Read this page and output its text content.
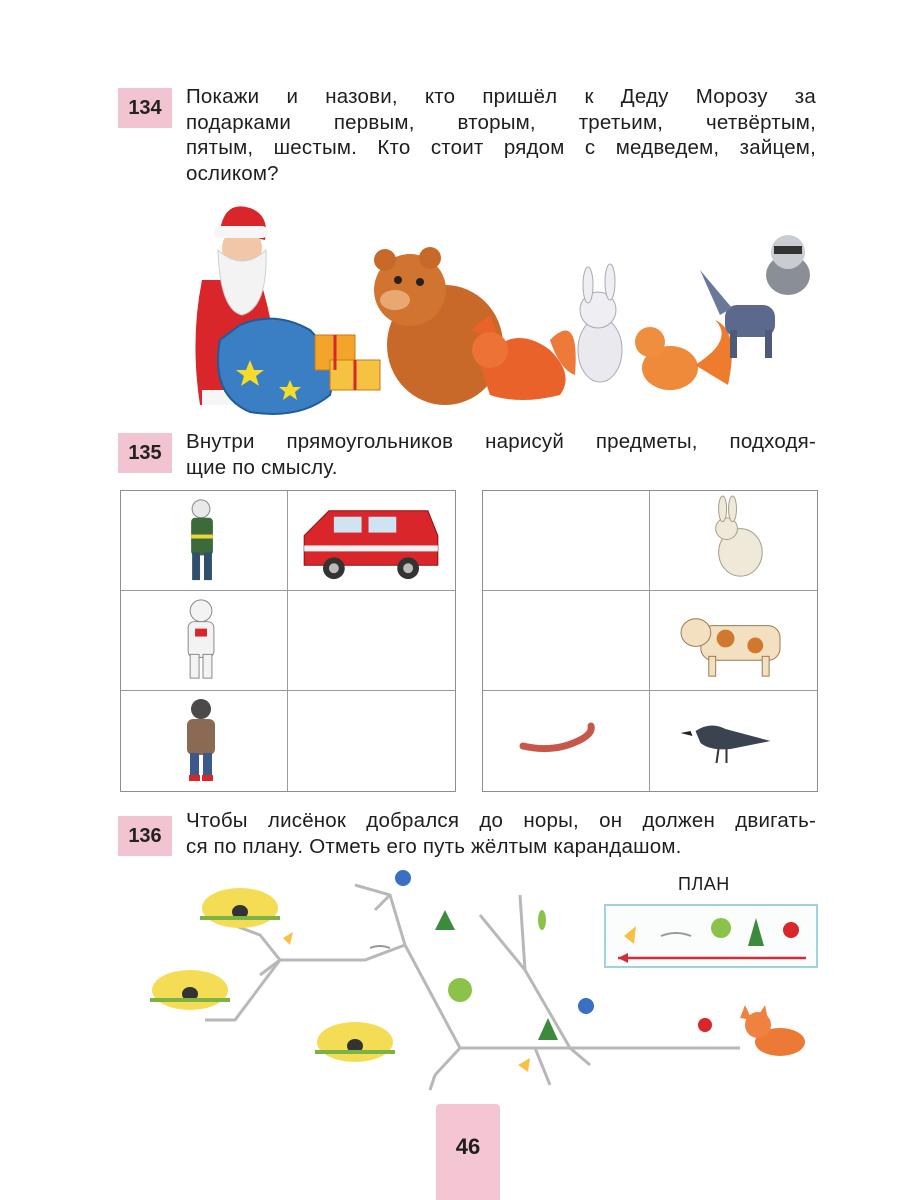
134 Покажи и назови, кто пришёл к Деду Морозу за
подарками первым, вторым, третьим, четвёртым,
пятым, шестым. Кто стоит рядом с медведем, зайцем,
осликом?
135 Внутри прямоугольников нарисуй предметы, подходя-
щие по смыслу.
136
Чтобы лисёнок добрался до норы, он должен двигать-
ся по плану. Отметь его путь жёлтым карандашом.
ПЛАН
46
